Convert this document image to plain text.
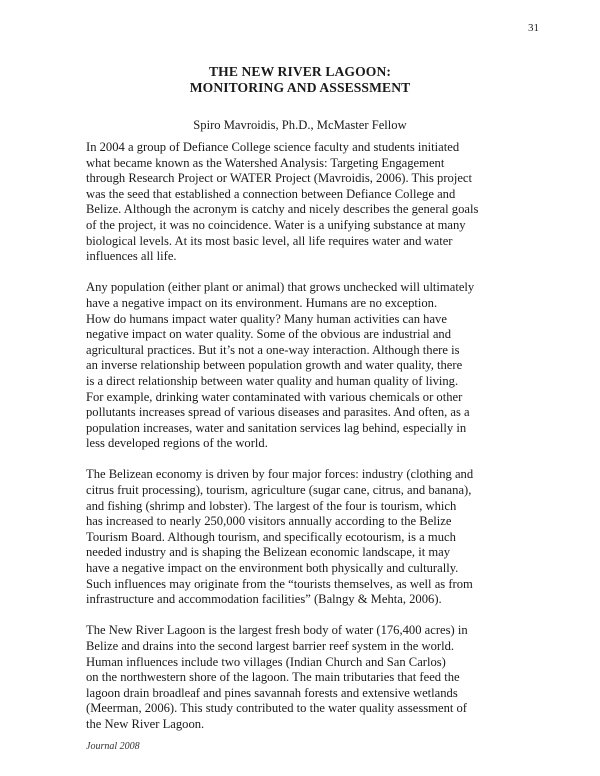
31
THE NEW RIVER LAGOON:
MONITORING AND ASSESSMENT
Spiro Mavroidis, Ph.D., McMaster Fellow

In 2004 a group of Defiance College science faculty and students initiated
what became known as the Watershed Analysis: Targeting Engagement
through Research Project or WATER Project (Mavroidis, 2006). This project
was the seed that established a connection between Defiance College and
Belize. Although the acronym is catchy and nicely describes the general goals
of the project, it was no coincidence. Water is a unifying substance at many
biological levels. At its most basic level, all life requires water and water
influences all life.

Any population (either plant or animal) that grows unchecked will ultimately
have a negative impact on its environment. Humans are no exception.
How do humans impact water quality? Many human activities can have
negative impact on water quality. Some of the obvious are industrial and
agricultural practices. But it’s not a one-way interaction. Although there is
an inverse relationship between population growth and water quality, there
is a direct relationship between water quality and human quality of living.
For example, drinking water contaminated with various chemicals or other
pollutants increases spread of various diseases and parasites. And often, as a
population increases, water and sanitation services lag behind, especially in
less developed regions of the world.

The Belizean economy is driven by four major forces: industry (clothing and
citrus fruit processing), tourism, agriculture (sugar cane, citrus, and banana),
and fishing (shrimp and lobster). The largest of the four is tourism, which
has increased to nearly 250,000 visitors annually according to the Belize
Tourism Board. Although tourism, and specifically ecotourism, is a much
needed industry and is shaping the Belizean economic landscape, it may
have a negative impact on the environment both physically and culturally.
Such influences may originate from the “tourists themselves, as well as from
infrastructure and accommodation facilities” (Balngy & Mehta, 2006).

The New River Lagoon is the largest fresh body of water (176,400 acres) in
Belize and drains into the second largest barrier reef system in the world.
Human influences include two villages (Indian Church and San Carlos)
on the northwestern shore of the lagoon. The main tributaries that feed the
lagoon drain broadleaf and pines savannah forests and extensive wetlands
(Meerman, 2006). This study contributed to the water quality assessment of
the New River Lagoon.

Journal 2008
